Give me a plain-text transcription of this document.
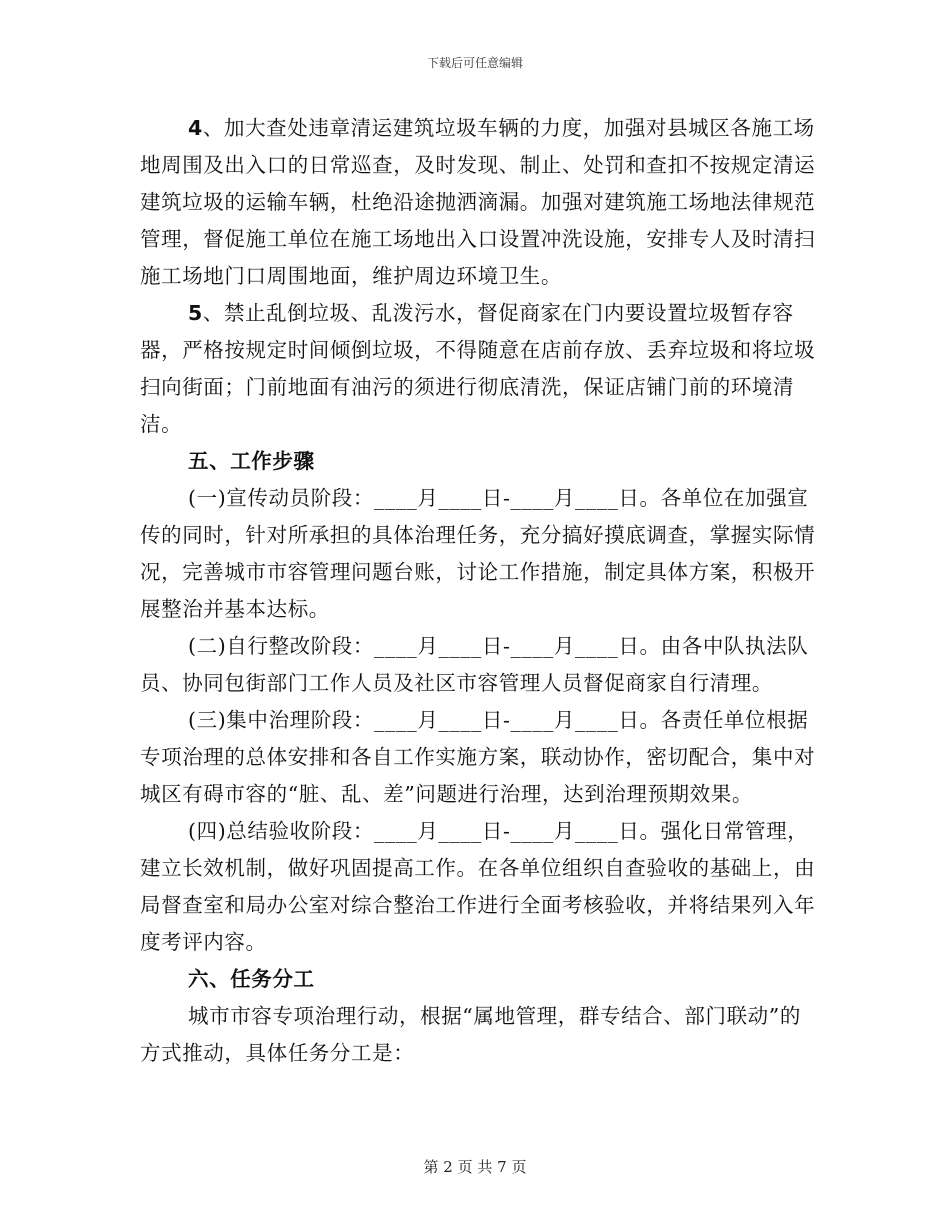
下载后可任意编辑

4、加大查处违章清运建筑垃圾车辆的力度，加强对县城区各施工场地周围及出入口的日常巡查，及时发现、制止、处罚和查扣不按规定清运建筑垃圾的运输车辆，杜绝沿途抛洒滴漏。加强对建筑施工场地法律规范管理，督促施工单位在施工场地出入口设置冲洗设施，安排专人及时清扫施工场地门口周围地面，维护周边环境卫生。

5、禁止乱倒垃圾、乱泼污水，督促商家在门内要设置垃圾暂存容器，严格按规定时间倾倒垃圾，不得随意在店前存放、丢弃垃圾和将垃圾扫向街面；门前地面有油污的须进行彻底清洗，保证店铺门前的环境清洁。

五、工作步骤

(一)宣传动员阶段：____月____日-____月____日。各单位在加强宣传的同时，针对所承担的具体治理任务，充分搞好摸底调查，掌握实际情况，完善城市市容管理问题台账，讨论工作措施，制定具体方案，积极开展整治并基本达标。

(二)自行整改阶段：____月____日-____月____日。由各中队执法队员、协同包街部门工作人员及社区市容管理人员督促商家自行清理。

(三)集中治理阶段：____月____日-____月____日。各责任单位根据专项治理的总体安排和各自工作实施方案，联动协作，密切配合，集中对城区有碍市容的“脏、乱、差”问题进行治理，达到治理预期效果。

(四)总结验收阶段：____月____日-____月____日。强化日常管理，建立长效机制，做好巩固提高工作。在各单位组织自查验收的基础上，由局督查室和局办公室对综合整治工作进行全面考核验收，并将结果列入年度考评内容。

六、任务分工

城市市容专项治理行动，根据“属地管理，群专结合、部门联动”的方式推动，具体任务分工是：

第 2 页 共 7 页
